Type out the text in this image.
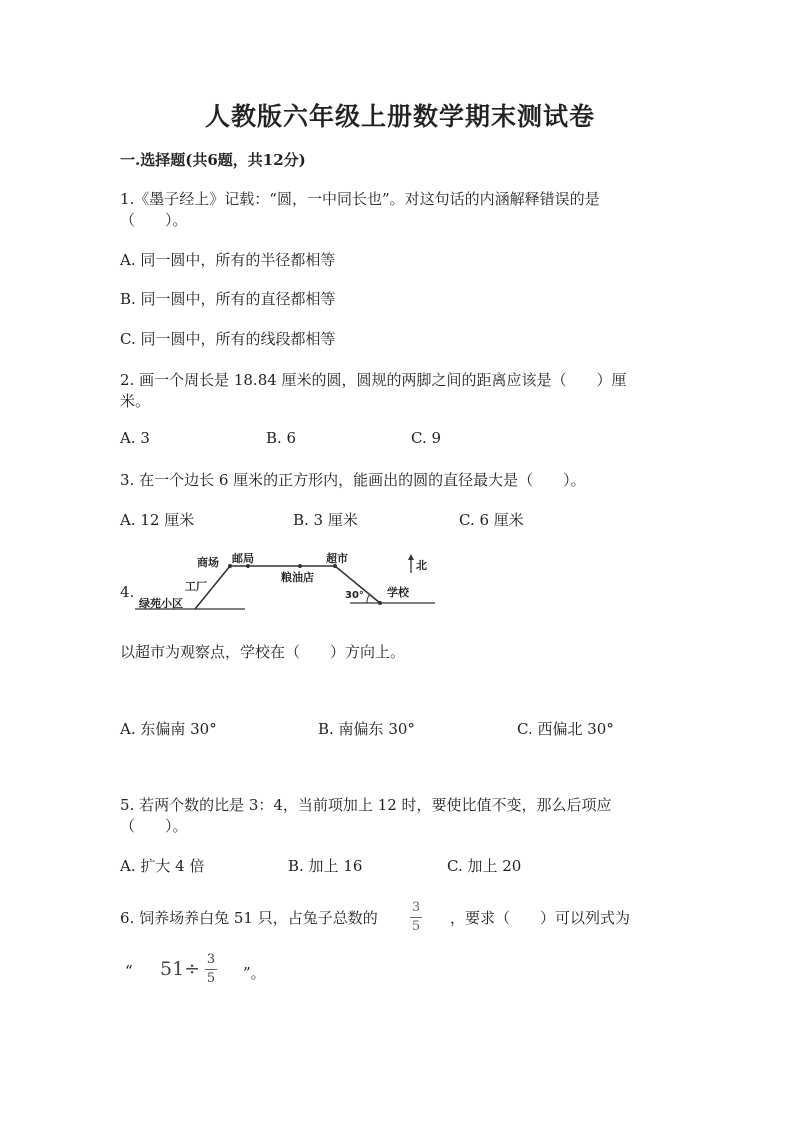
人教版六年级上册数学期末测试卷
一.选择题(共6题，共12分)
1.《墨子经上》记载：“圆，一中同长也”。对这句话的内涵解释错误的是
（　　）。
A. 同一圆中，所有的半径都相等
B. 同一圆中，所有的直径都相等
C. 同一圆中，所有的线段都相等
2. 画一个周长是 18.84 厘米的圆，圆规的两脚之间的距离应该是（　　）厘
米。
A. 3	B. 6	C. 9
3. 在一个边长 6 厘米的正方形内，能画出的圆的直径最大是（　　）。
A. 12 厘米	B. 3 厘米	C. 6 厘米
4.
商场 邮局
工厂
绿苑小区
粮油店
超市
北
30° 学校
以超市为观察点，学校在（　　）方向上。
A. 东偏南 30°	B. 南偏东 30°	C. 西偏北 30°
5. 若两个数的比是 3：4，当前项加上 12 时，要使比值不变，那么后项应
（　　）。
A. 扩大 4 倍	B. 加上 16	C. 加上 20
6. 饲养场养白兔 51 只，占兔子总数的
3
5 ，要求（　　）可以列式为
“ 51÷ 3
5 ”。
